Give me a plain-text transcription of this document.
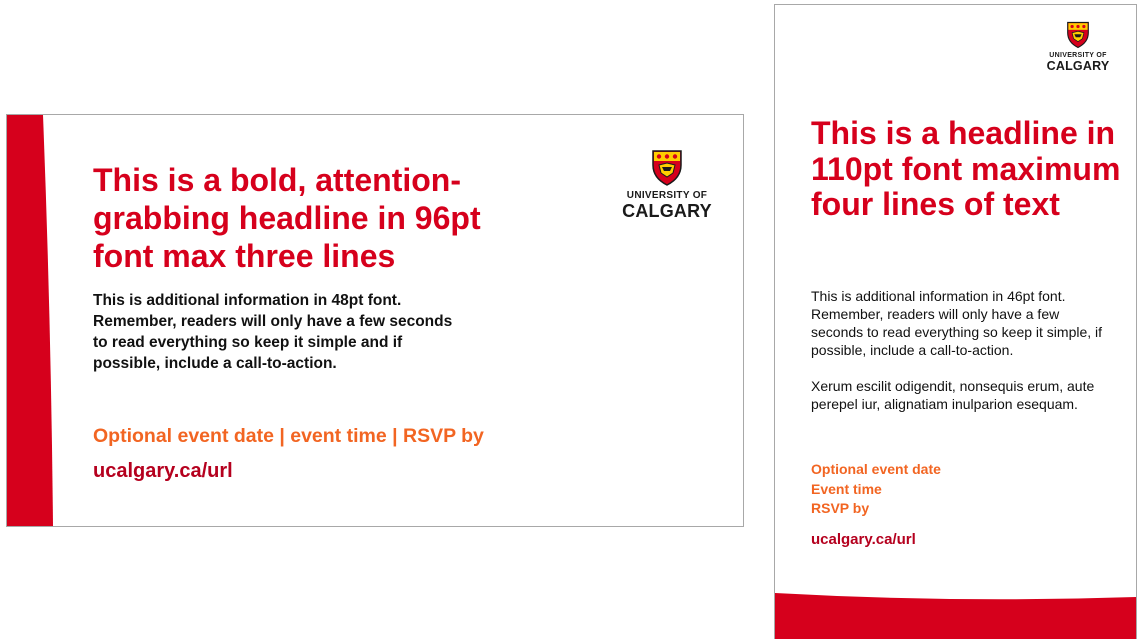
UNIVERSITY OF
CALGARY
This is a bold, attention-grabbing headline in 96pt font max three lines

This is additional information in 48pt font. Remember, readers will only have a few seconds to read everything so keep it simple and if possible, include a call-to-action.

Optional event date | event time | RSVP by

ucalgary.ca/url

UNIVERSITY OF
CALGARY
This is a headline in 110pt font maximum four lines of text

This is additional information in 46pt font. Remember, readers will only have a few seconds to read everything so keep it simple, if possible, include a call-to-action.

Xerum escilit odigendit, nonsequis erum, aute perepel iur, alignatiam inulparion esequam.

Optional event date
Event time
RSVP by

ucalgary.ca/url
